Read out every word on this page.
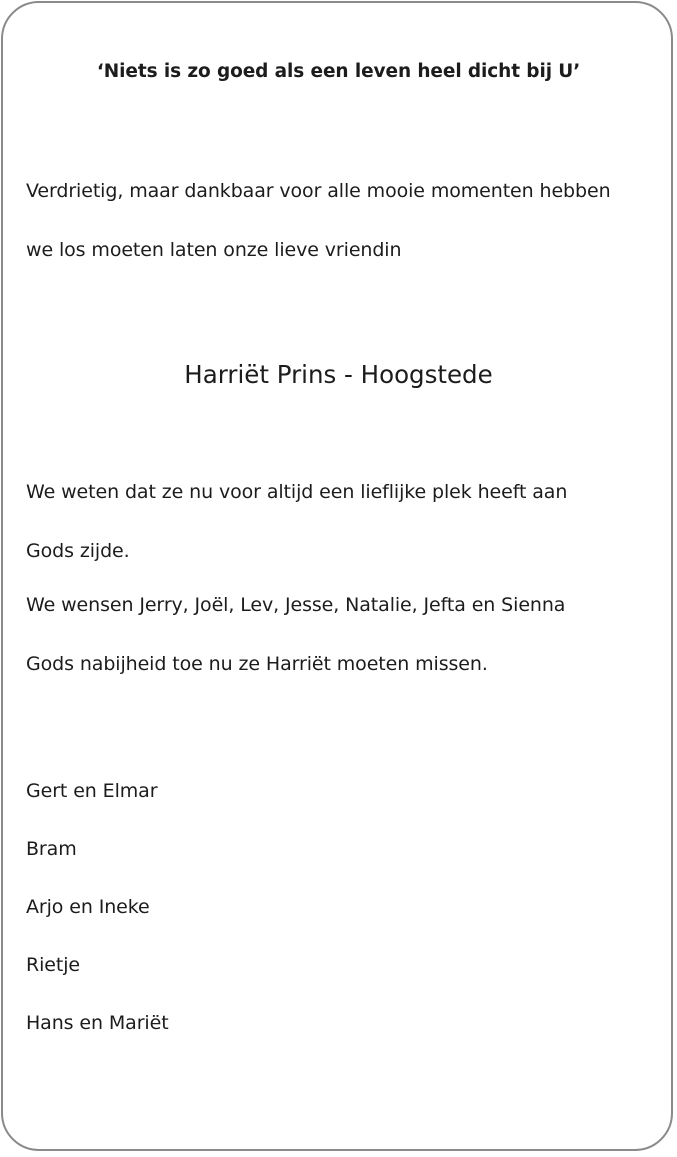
‘Niets is zo goed als een leven heel dicht bij U’
Verdrietig, maar dankbaar voor alle mooie momenten hebben
we los moeten laten onze lieve vriendin
Harriët Prins - Hoogstede
We weten dat ze nu voor altijd een lieflijke plek heeft aan
Gods zijde.
We wensen Jerry, Joël, Lev, Jesse, Natalie, Jefta en Sienna
Gods nabijheid toe nu ze Harriët moeten missen.
Gert en Elmar
Bram
Arjo en Ineke
Rietje
Hans en Mariët
